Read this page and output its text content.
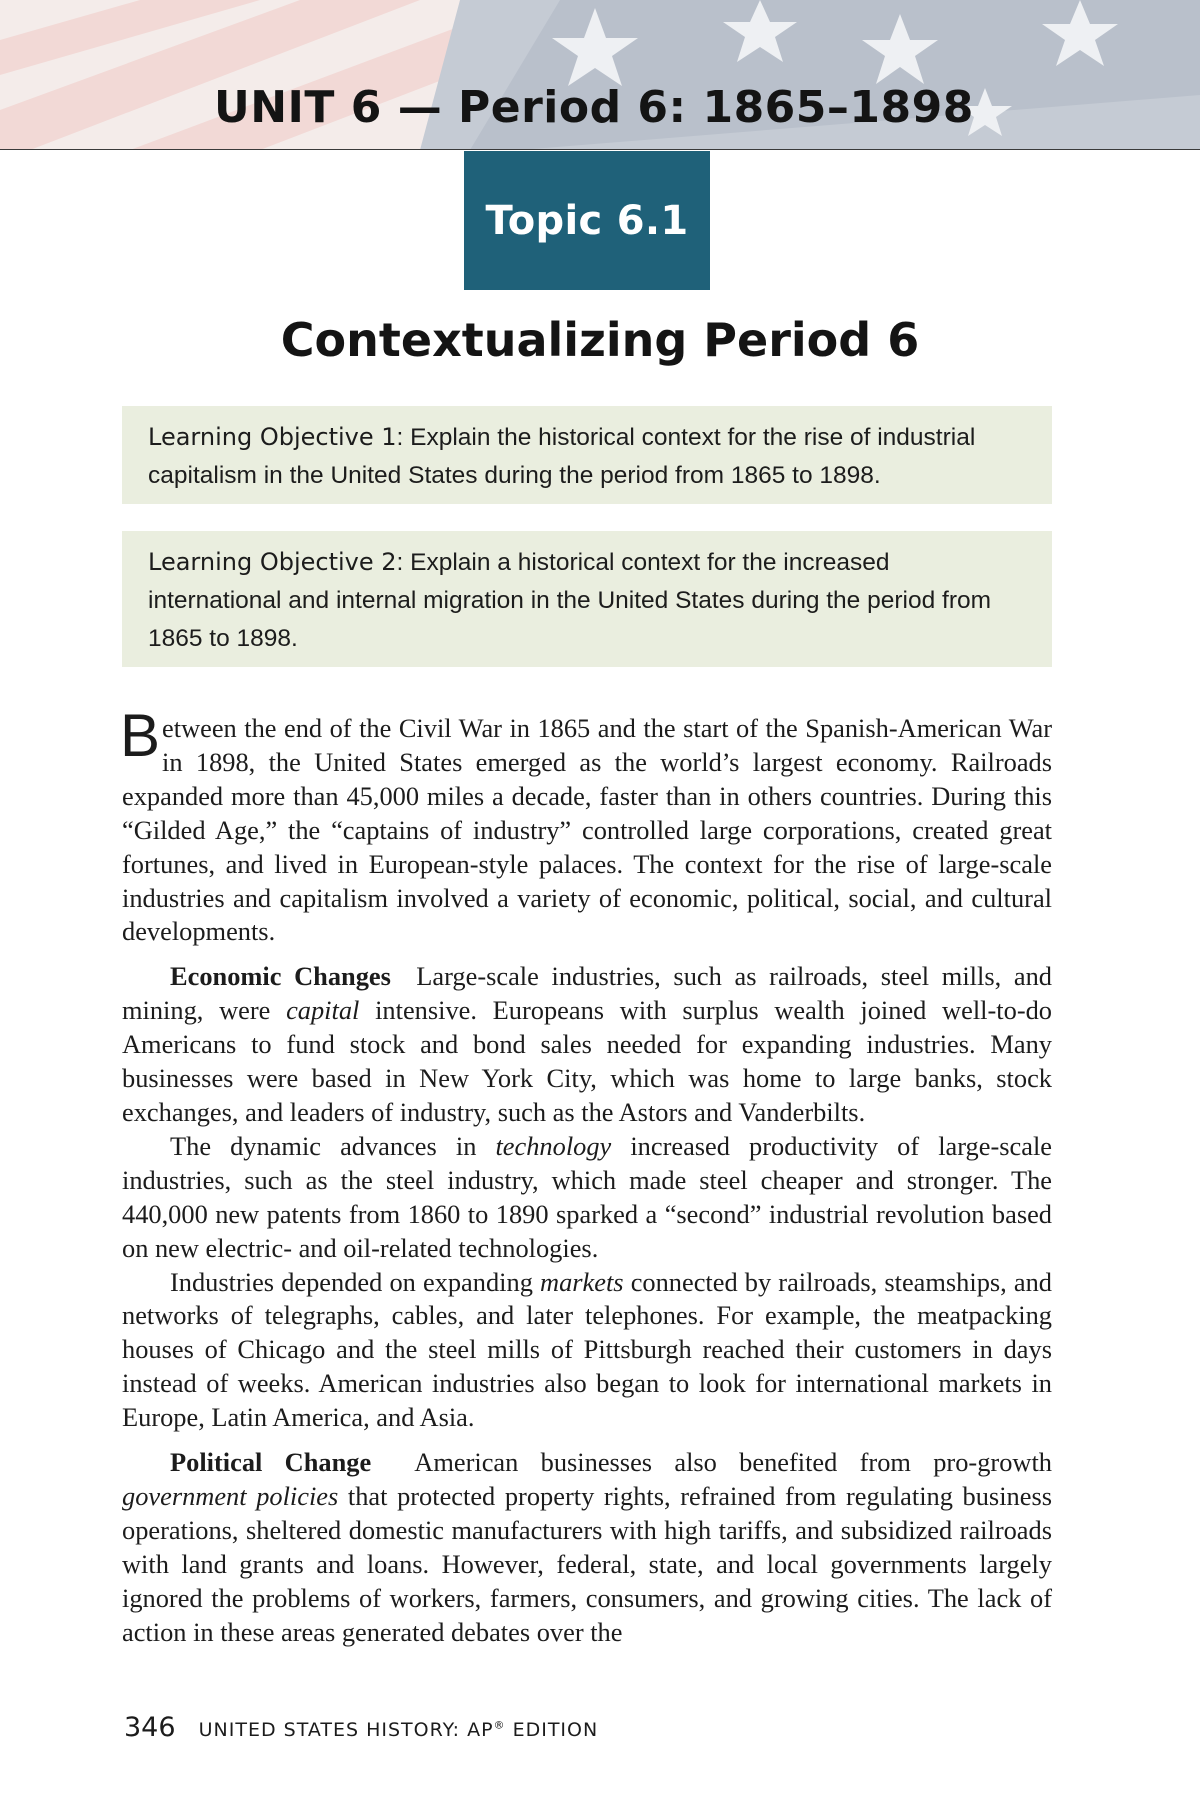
UNIT 6 — Period 6: 1865–1898
Topic 6.1
Contextualizing Period 6
Learning Objective 1: Explain the historical context for the rise of industrial capitalism in the United States during the period from 1865 to 1898.
Learning Objective 2: Explain a historical context for the increased international and internal migration in the United States during the period from 1865 to 1898.

Between the end of the Civil War in 1865 and the start of the Spanish-American War in 1898, the United States emerged as the world’s largest economy. Railroads expanded more than 45,000 miles a decade, faster than in others countries. During this “Gilded Age,” the “captains of industry” controlled large corporations, created great fortunes, and lived in European-style palaces. The context for the rise of large-scale industries and capitalism involved a variety of economic, political, social, and cultural developments.

Economic Changes Large-scale industries, such as railroads, steel mills, and mining, were capital intensive. Europeans with surplus wealth joined well-to-do Americans to fund stock and bond sales needed for expanding industries. Many businesses were based in New York City, which was home to large banks, stock exchanges, and leaders of industry, such as the Astors and Vanderbilts.

The dynamic advances in technology increased productivity of large-scale industries, such as the steel industry, which made steel cheaper and stronger. The 440,000 new patents from 1860 to 1890 sparked a “second” industrial revolution based on new electric- and oil-related technologies.

Industries depended on expanding markets connected by railroads, steamships, and networks of telegraphs, cables, and later telephones. For example, the meatpacking houses of Chicago and the steel mills of Pittsburgh reached their customers in days instead of weeks. American industries also began to look for international markets in Europe, Latin America, and Asia.

Political Change American businesses also benefited from pro-growth government policies that protected property rights, refrained from regulating business operations, sheltered domestic manufacturers with high tariffs, and subsidized railroads with land grants and loans. However, federal, state, and local governments largely ignored the problems of workers, farmers, consumers, and growing cities. The lack of action in these areas generated debates over the

346 UNITED STATES HISTORY: AP® EDITION
